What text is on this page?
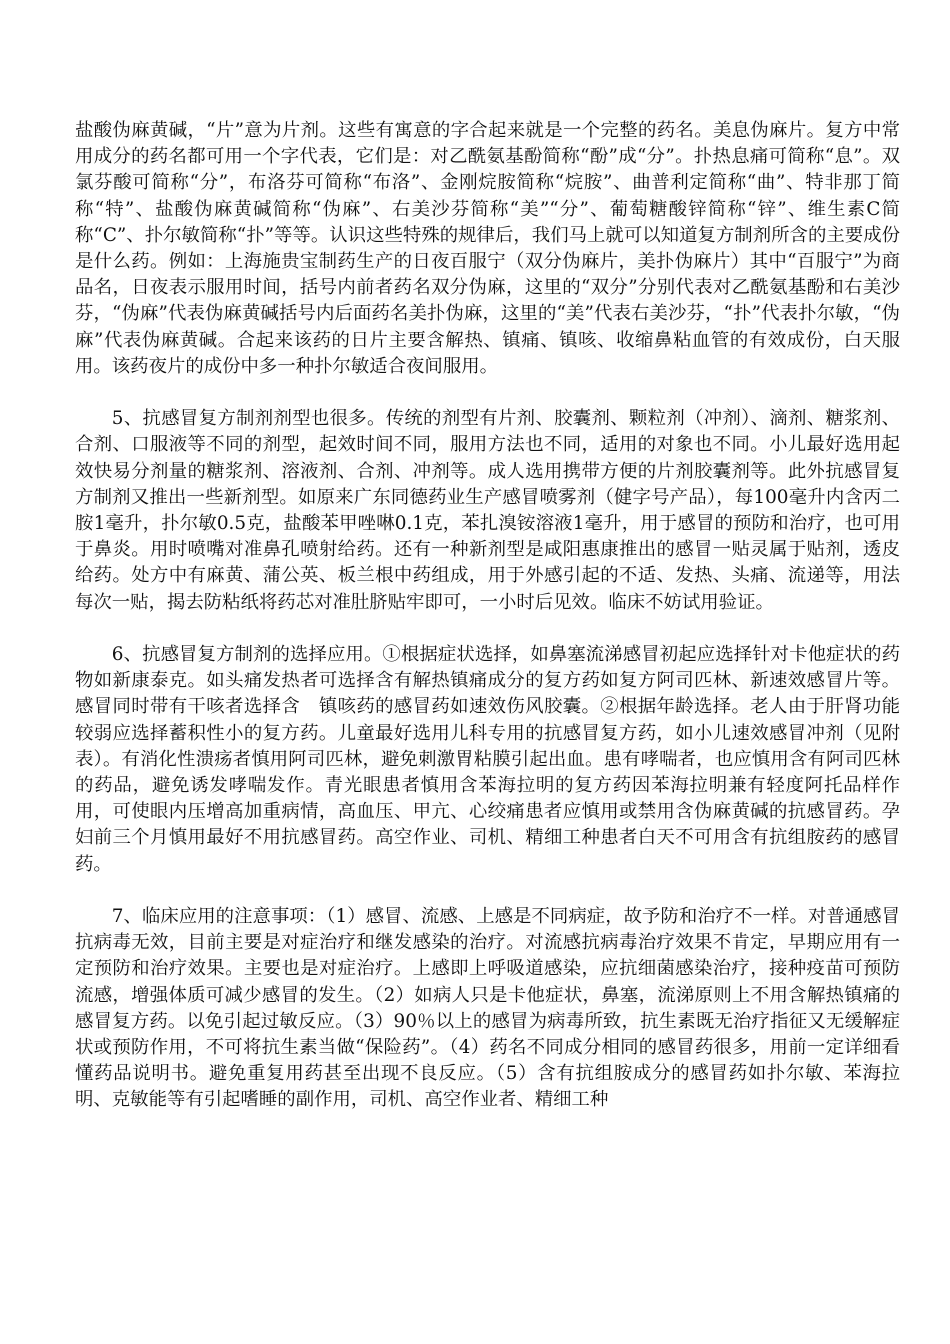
盐酸伪麻黄碱，“片”意为片剂。这些有寓意的字合起来就是一个完整的药名。美息伪麻片。复方中常用成分的药名都可用一个字代表，它们是：对乙酰氨基酚简称“酚”成“分”。扑热息痛可简称“息”。双氯芬酸可简称“分”，布洛芬可简称“布洛”、金刚烷胺简称“烷胺”、曲普利定简称“曲”、特非那丁简称“特”、盐酸伪麻黄碱简称“伪麻”、右美沙芬简称“美”“分”、葡萄糖酸锌简称“锌”、维生素C简称“C”、扑尔敏简称“扑”等等。认识这些特殊的规律后，我们马上就可以知道复方制剂所含的主要成份是什么药。例如：上海施贵宝制药生产的日夜百服宁（双分伪麻片，美扑伪麻片）其中“百服宁”为商品名，日夜表示服用时间，括号内前者药名双分伪麻，这里的“双分”分别代表对乙酰氨基酚和右美沙芬，“伪麻”代表伪麻黄碱括号内后面药名美扑伪麻，这里的“美”代表右美沙芬，“扑”代表扑尔敏，“伪麻”代表伪麻黄碱。合起来该药的日片主要含解热、镇痛、镇咳、收缩鼻粘血管的有效成份，白天服用。该药夜片的成份中多一种扑尔敏适合夜间服用。

5、抗感冒复方制剂剂型也很多。传统的剂型有片剂、胶囊剂、颗粒剂（冲剂）、滴剂、糖浆剂、合剂、口服液等不同的剂型，起效时间不同，服用方法也不同，适用的对象也不同。小儿最好选用起效快易分剂量的糖浆剂、溶液剂、合剂、冲剂等。成人选用携带方便的片剂胶囊剂等。此外抗感冒复方制剂又推出一些新剂型。如原来广东同德药业生产感冒喷雾剂（健字号产品），每100毫升内含丙二胺1毫升，扑尔敏0.5克，盐酸苯甲唑啉0.1克，苯扎溴铵溶液1毫升，用于感冒的预防和治疗，也可用于鼻炎。用时喷嘴对准鼻孔喷射给药。还有一种新剂型是咸阳惠康推出的感冒一贴灵属于贴剂，透皮给药。处方中有麻黄、蒲公英、板兰根中药组成，用于外感引起的不适、发热、头痛、流递等，用法每次一贴，揭去防粘纸将药芯对准肚脐贴牢即可，一小时后见效。临床不妨试用验证。

6、抗感冒复方制剂的选择应用。①根据症状选择，如鼻塞流涕感冒初起应选择针对卡他症状的药物如新康泰克。如头痛发热者可选择含有解热镇痛成分的复方药如复方阿司匹林、新速效感冒片等。感冒同时带有干咳者选择含　镇咳药的感冒药如速效伤风胶囊。②根据年龄选择。老人由于肝肾功能较弱应选择蓄积性小的复方药。儿童最好选用儿科专用的抗感冒复方药，如小儿速效感冒冲剂（见附表）。有消化性溃疡者慎用阿司匹林，避免刺激胃粘膜引起出血。患有哮喘者，也应慎用含有阿司匹林的药品，避免诱发哮喘发作。青光眼患者慎用含苯海拉明的复方药因苯海拉明兼有轻度阿托品样作用，可使眼内压增高加重病情，高血压、甲亢、心绞痛患者应慎用或禁用含伪麻黄碱的抗感冒药。孕妇前三个月慎用最好不用抗感冒药。高空作业、司机、精细工种患者白天不可用含有抗组胺药的感冒药。

7、临床应用的注意事项：（1）感冒、流感、上感是不同病症，故予防和治疗不一样。对普通感冒抗病毒无效，目前主要是对症治疗和继发感染的治疗。对流感抗病毒治疗效果不肯定，早期应用有一定预防和治疗效果。主要也是对症治疗。上感即上呼吸道感染，应抗细菌感染治疗，接种疫苗可预防流感，增强体质可减少感冒的发生。（2）如病人只是卡他症状，鼻塞，流涕原则上不用含解热镇痛的感冒复方药。以免引起过敏反应。（3）90％以上的感冒为病毒所致，抗生素既无治疗指征又无缓解症状或预防作用，不可将抗生素当做“保险药”。（4）药名不同成分相同的感冒药很多，用前一定详细看懂药品说明书。避免重复用药甚至出现不良反应。（5）含有抗组胺成分的感冒药如扑尔敏、苯海拉明、克敏能等有引起嗜睡的副作用，司机、高空作业者、精细工种
